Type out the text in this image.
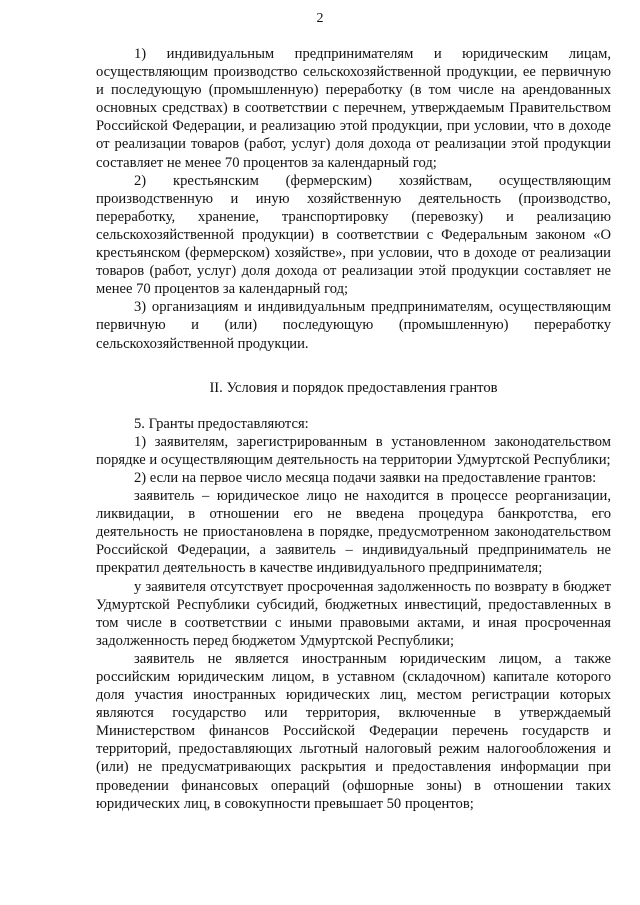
2

1) индивидуальным предпринимателям и юридическим лицам, осуществляющим производство сельскохозяйственной продукции, ее первичную и последующую (промышленную) переработку (в том числе на арендованных основных средствах) в соответствии с перечнем, утверждаемым Правительством Российской Федерации, и реализацию этой продукции, при условии, что в доходе от реализации товаров (работ, услуг) доля дохода от реализации этой продукции составляет не менее 70 процентов за календарный год;

2) крестьянским (фермерским) хозяйствам, осуществляющим производственную и иную хозяйственную деятельность (производство, переработку, хранение, транспортировку (перевозку) и реализацию сельскохозяйственной продукции) в соответствии с Федеральным законом «О крестьянском (фермерском) хозяйстве», при условии, что в доходе от реализации товаров (работ, услуг) доля дохода от реализации этой продукции составляет не менее 70 процентов за календарный год;

3) организациям и индивидуальным предпринимателям, осуществляющим первичную и (или) последующую (промышленную) переработку сельскохозяйственной продукции.

II. Условия и порядок предоставления грантов

5. Гранты предоставляются:

1) заявителям, зарегистрированным в установленном законодательством порядке и осуществляющим деятельность на территории Удмуртской Республики;

2) если на первое число месяца подачи заявки на предоставление грантов:

заявитель – юридическое лицо не находится в процессе реорганизации, ликвидации, в отношении его не введена процедура банкротства, его деятельность не приостановлена в порядке, предусмотренном законодательством Российской Федерации, а заявитель – индивидуальный предприниматель не прекратил деятельность в качестве индивидуального предпринимателя;

у заявителя отсутствует просроченная задолженность по возврату в бюджет Удмуртской Республики субсидий, бюджетных инвестиций, предоставленных в том числе в соответствии с иными правовыми актами, и иная просроченная задолженность перед бюджетом Удмуртской Республики;

заявитель не является иностранным юридическим лицом, а также российским юридическим лицом, в уставном (складочном) капитале которого доля участия иностранных юридических лиц, местом регистрации которых являются государство или территория, включенные в утверждаемый Министерством финансов Российской Федерации перечень государств и территорий, предоставляющих льготный налоговый режим налогообложения и (или) не предусматривающих раскрытия и предоставления информации при проведении финансовых операций (офшорные зоны) в отношении таких юридических лиц, в совокупности превышает 50 процентов;
